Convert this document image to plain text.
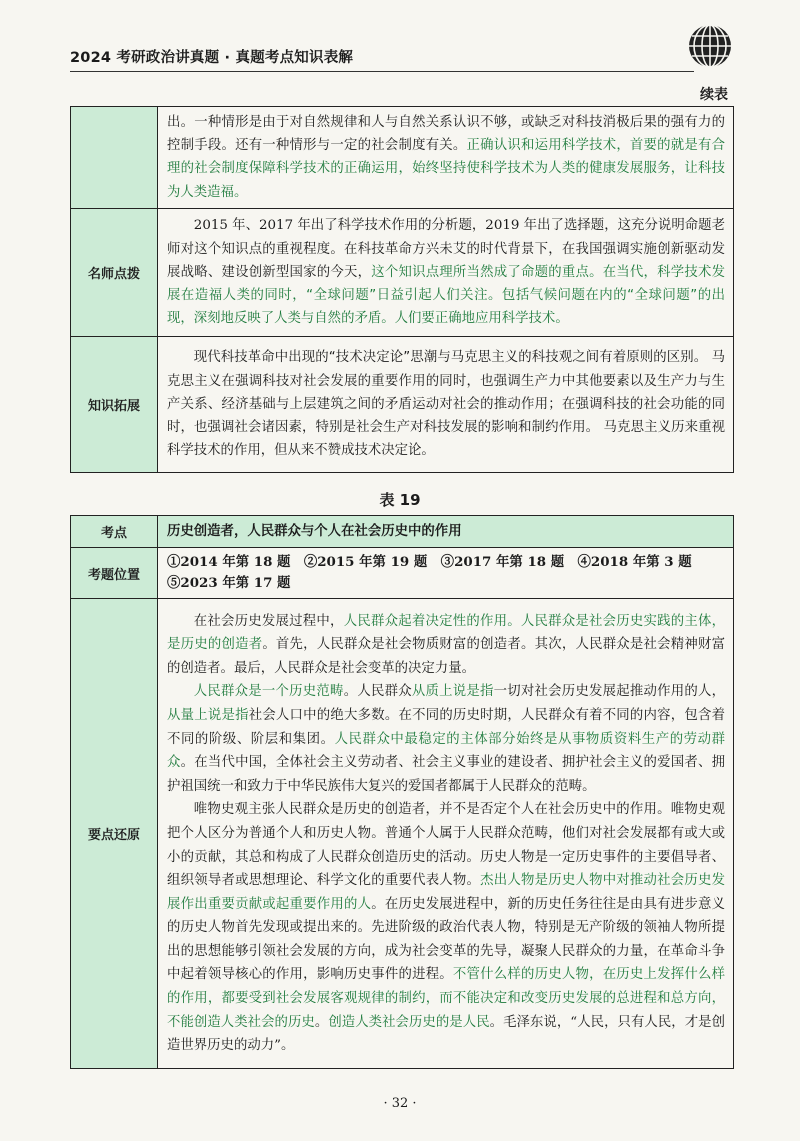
2024 考研政治讲真题 · 真题考点知识表解
续表
	出。一种情形是由于对自然规律和人与自然关系认识不够，或缺乏对科技消极后果的强有力的控制手段。还有一种情形与一定的社会制度有关。正确认识和运用科学技术，首要的就是有合理的社会制度保障科学技术的正确运用，始终坚持使科学技术为人类的健康发展服务，让科技为人类造福。
名师点拨	2015 年、2017 年出了科学技术作用的分析题，2019 年出了选择题，这充分说明命题老师对这个知识点的重视程度。在科技革命方兴未艾的时代背景下，在我国强调实施创新驱动发展战略、建设创新型国家的今天，这个知识点理所当然成了命题的重点。在当代，科学技术发展在造福人类的同时，“全球问题”日益引起人们关注。包括气候问题在内的“全球问题”的出现，深刻地反映了人类与自然的矛盾。人们要正确地应用科学技术。

知识拓展	现代科技革命中出现的“技术决定论”思潮与马克思主义的科技观之间有着原则的区别。 马克思主义在强调科技对社会发展的重要作用的同时，也强调生产力中其他要素以及生产力与生产关系、经济基础与上层建筑之间的矛盾运动对社会的推动作用；在强调科技的社会功能的同时，也强调社会诸因素，特别是社会生产对科技发展的影响和制约作用。 马克思主义历来重视科学技术的作用，但从来不赞成技术决定论。

表 19
考点	历史创造者，人民群众与个人在社会历史中的作用
考题位置	①2014 年第 18 题　②2015 年第 19 题　③2017 年第 18 题　④2018 年第 3 题

⑤2023 年第 17 题

要点还原	在社会历史发展过程中，人民群众起着决定性的作用。人民群众是社会历史实践的主体，是历史的创造者。首先，人民群众是社会物质财富的创造者。其次，人民群众是社会精神财富的创造者。最后，人民群众是社会变革的决定力量。

人民群众是一个历史范畴。人民群众从质上说是指一切对社会历史发展起推动作用的人，从量上说是指社会人口中的绝大多数。在不同的历史时期，人民群众有着不同的内容，包含着不同的阶级、阶层和集团。人民群众中最稳定的主体部分始终是从事物质资料生产的劳动群众。在当代中国，全体社会主义劳动者、社会主义事业的建设者、拥护社会主义的爱国者、拥护祖国统一和致力于中华民族伟大复兴的爱国者都属于人民群众的范畴。

唯物史观主张人民群众是历史的创造者，并不是否定个人在社会历史中的作用。唯物史观把个人区分为普通个人和历史人物。普通个人属于人民群众范畴，他们对社会发展都有或大或小的贡献，其总和构成了人民群众创造历史的活动。历史人物是一定历史事件的主要倡导者、组织领导者或思想理论、科学文化的重要代表人物。杰出人物是历史人物中对推动社会历史发展作出重要贡献或起重要作用的人。在历史发展进程中，新的历史任务往往是由具有进步意义的历史人物首先发现或提出来的。先进阶级的政治代表人物，特别是无产阶级的领袖人物所提出的思想能够引领社会发展的方向，成为社会变革的先导，凝聚人民群众的力量，在革命斗争中起着领导核心的作用，影响历史事件的进程。不管什么样的历史人物，在历史上发挥什么样的作用，都要受到社会发展客观规律的制约，而不能决定和改变历史发展的总进程和总方向，不能创造人类社会的历史。创造人类社会历史的是人民。毛泽东说，“人民，只有人民，才是创造世界历史的动力”。

· 32 ·
